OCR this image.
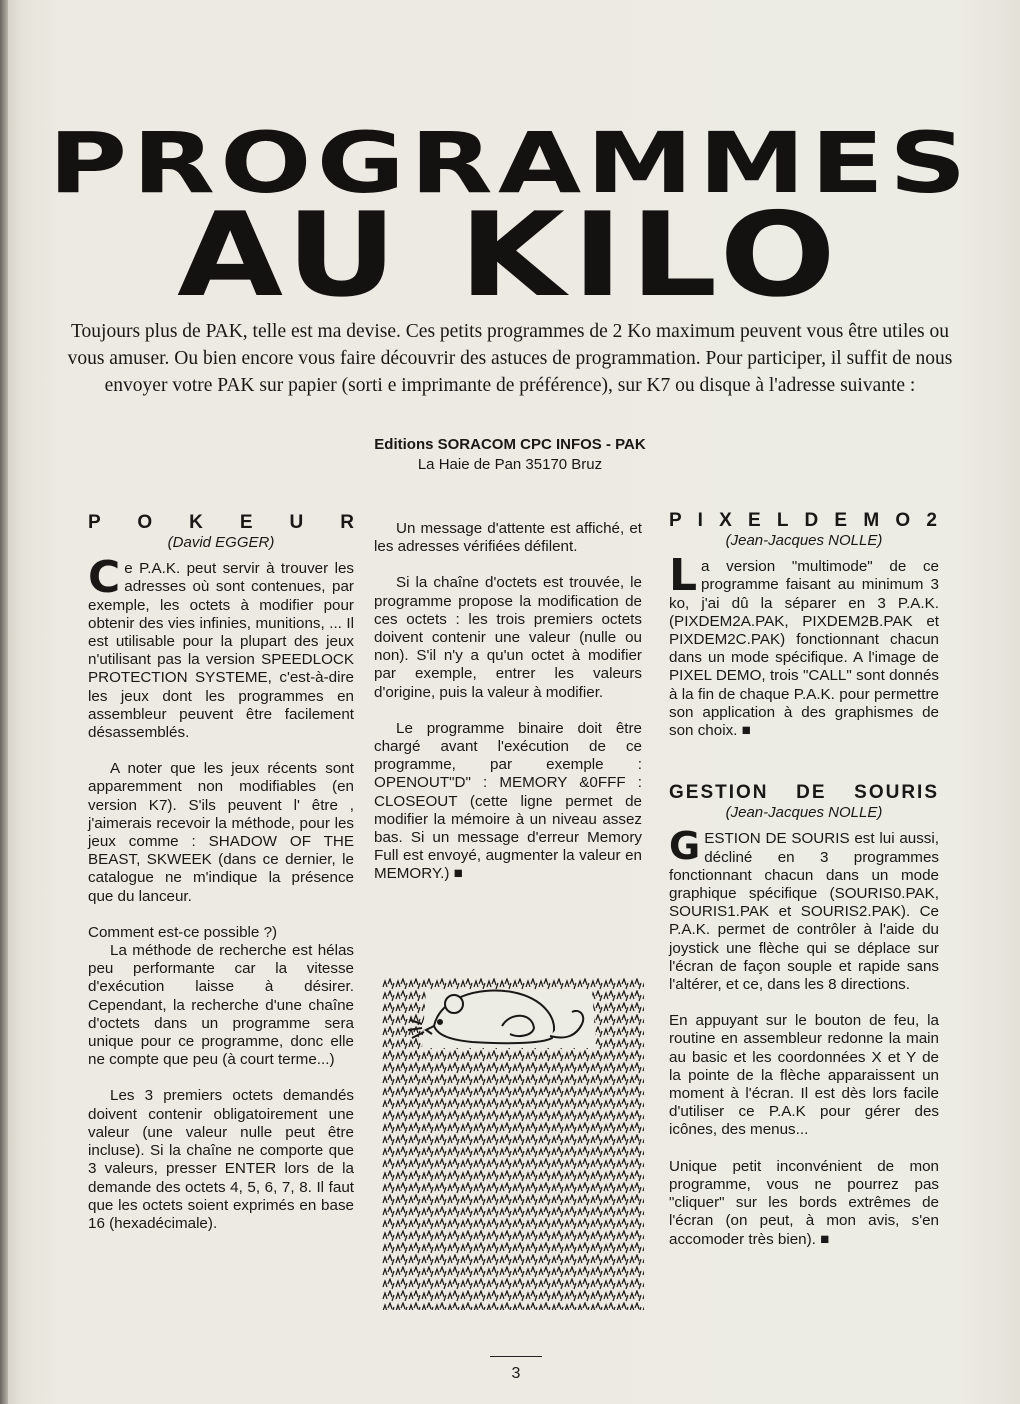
PROGRAMMES
AU KILO
Toujours plus de PAK, telle est ma devise. Ces petits programmes de 2 Ko maximum peuvent vous être utiles ou vous amuser. Ou bien encore vous faire découvrir des astuces de programmation. Pour participer, il suffit de nous envoyer votre PAK sur papier (sorti e imprimante de préférence), sur K7 ou disque à l'adresse suivante :
Editions SORACOM CPC INFOS - PAK
La Haie de Pan 35170 Bruz
P O K E U R
(David EGGER)

Ce P.A.K. peut servir à trouver les adresses où sont contenues, par exemple, les octets à modifier pour obtenir des vies infinies, munitions, ... Il est utilisable pour la plupart des jeux n'utilisant pas la version SPEEDLOCK PROTECTION SYSTEME, c'est-à-dire les jeux dont les programmes en assembleur peuvent être facilement désassemblés.

A noter que les jeux récents sont apparemment non modifiables (en version K7). S'ils peuvent l' être , j'aimerais recevoir la méthode, pour les jeux comme : SHADOW OF THE BEAST, SKWEEK (dans ce dernier, le catalogue ne m'indique la présence que du lanceur.

Comment est-ce possible ?)

La méthode de recherche est hélas peu performante car la vitesse d'exécution laisse à désirer. Cependant, la recherche d'une chaîne d'octets dans un programme sera unique pour ce programme, donc elle ne compte que peu (à court terme...)

Les 3 premiers octets demandés doivent contenir obligatoirement une valeur (une valeur nulle peut être incluse). Si la chaîne ne comporte que 3 valeurs, presser ENTER lors de la demande des octets 4, 5, 6, 7, 8. Il faut que les octets soient exprimés en base 16 (hexadécimale).

Un message d'attente est affiché, et les adresses vérifiées défilent.

Si la chaîne d'octets est trouvée, le programme propose la modification de ces octets : les trois premiers octets doivent contenir une valeur (nulle ou non). S'il n'y a qu'un octet à modifier par exemple, entrer les valeurs d'origine, puis la valeur à modifier.

Le programme binaire doit être chargé avant l'exécution de ce programme, par exemple : OPENOUT"D" : MEMORY &0FFF : CLOSEOUT (cette ligne permet de modifier la mémoire à un niveau assez bas. Si un message d'erreur Memory Full est envoyé, augmenter la valeur en MEMORY.) ■

P I X E L D E M O 2
(Jean-Jacques NOLLE)

La version "multimode" de ce programme faisant au minimum 3 ko, j'ai dû la séparer en 3 P.A.K. (PIXDEM2A.PAK, PIXDEM2B.PAK et PIXDEM2C.PAK) fonctionnant chacun dans un mode spécifique. A l'image de PIXEL DEMO, trois "CALL" sont donnés à la fin de chaque P.A.K. pour permettre son application à des graphismes de son choix. ■

GESTION DE SOURIS
(Jean-Jacques NOLLE)

GESTION DE SOURIS est lui aussi, décliné en 3 programmes fonctionnant chacun dans un mode graphique spécifique (SOURIS0.PAK, SOURIS1.PAK et SOURIS2.PAK). Ce P.A.K. permet de contrôler à l'aide du joystick une flèche qui se déplace sur l'écran de façon souple et rapide sans l'altérer, et ce, dans les 8 directions.

En appuyant sur le bouton de feu, la routine en assembleur redonne la main au basic et les coordonnées X et Y de la pointe de la flèche apparaissent un moment à l'écran. Il est dès lors facile d'utiliser ce P.A.K pour gérer des icônes, des menus...

Unique petit inconvénient de mon programme, vous ne pourrez pas "cliquer" sur les bords extrêmes de l'écran (on peut, à mon avis, s'en accomoder très bien). ■

3
